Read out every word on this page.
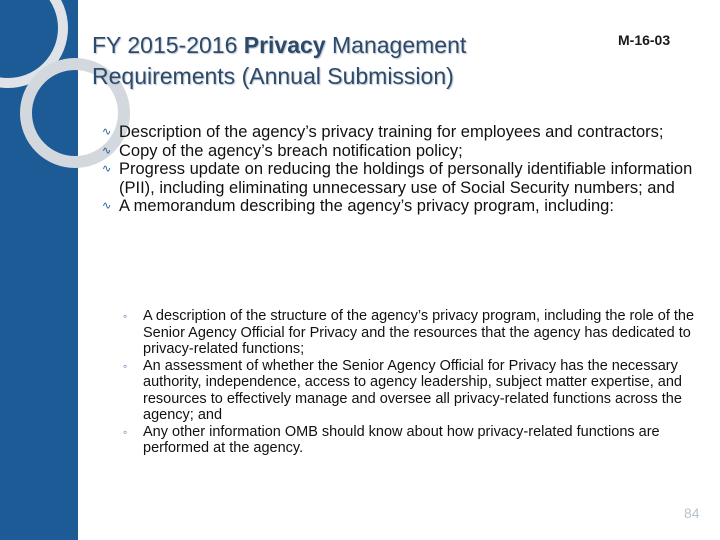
FY 2015-2016 Privacy Management Requirements (Annual Submission)
M-16-03
∿ Description of the agency’s privacy training for employees and contractors;
∿ Copy of the agency’s breach notification policy;
∿ Progress update on reducing the holdings of personally identifiable information (PII), including eliminating unnecessary use of Social Security numbers; and
∿ A memorandum describing the agency’s privacy program, including:
◦ A description of the structure of the agency’s privacy program, including the role of the Senior Agency Official for Privacy and the resources that the agency has dedicated to privacy-related functions;
◦ An assessment of whether the Senior Agency Official for Privacy has the necessary authority, independence, access to agency leadership, subject matter expertise, and resources to effectively manage and oversee all privacy-related functions across the agency; and
◦ Any other information OMB should know about how privacy-related functions are performed at the agency.
84
